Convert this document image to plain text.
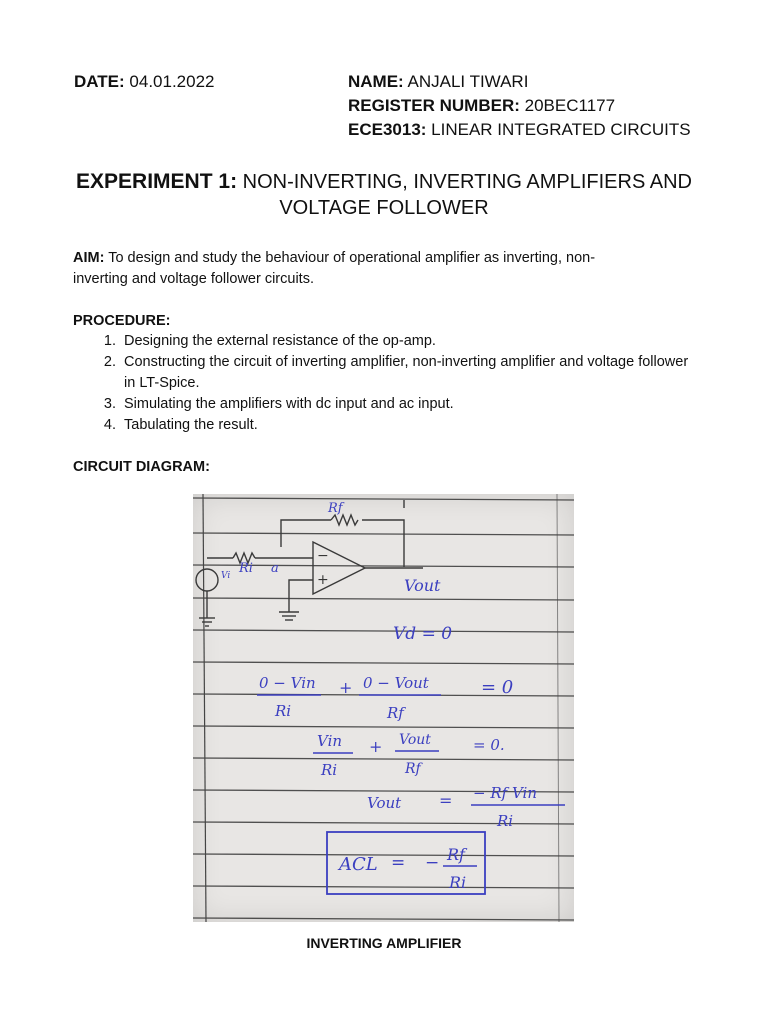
DATE: 04.01.2022	NAME: ANJALI TIWARI
REGISTER NUMBER: 20BEC1177
ECE3013: LINEAR INTEGRATED CIRCUITS
EXPERIMENT 1: NON-INVERTING, INVERTING AMPLIFIERS AND
VOLTAGE FOLLOWER
AIM: To design and study the behaviour of operational amplifier as inverting, non-
inverting and voltage follower circuits.
PROCEDURE:
1. Designing the external resistance of the op-amp.
2. Constructing the circuit of inverting amplifier, non-inverting amplifier and voltage follower in LT-Spice.
3. Simulating the amplifiers with dc input and ac input.
4. Tabulating the result.
CIRCUIT DIAGRAM:
Rf
Ri a
Vi
−
+	Vout
Vd = 0
0 − Vin
Ri
+ 0 − Vout
Rf
= 0
Vin
Ri
+ Vout
Rf
= 0.
Vout = − Rf Vin
Ri
ACL = − Rf
Ri
INVERTING AMPLIFIER
